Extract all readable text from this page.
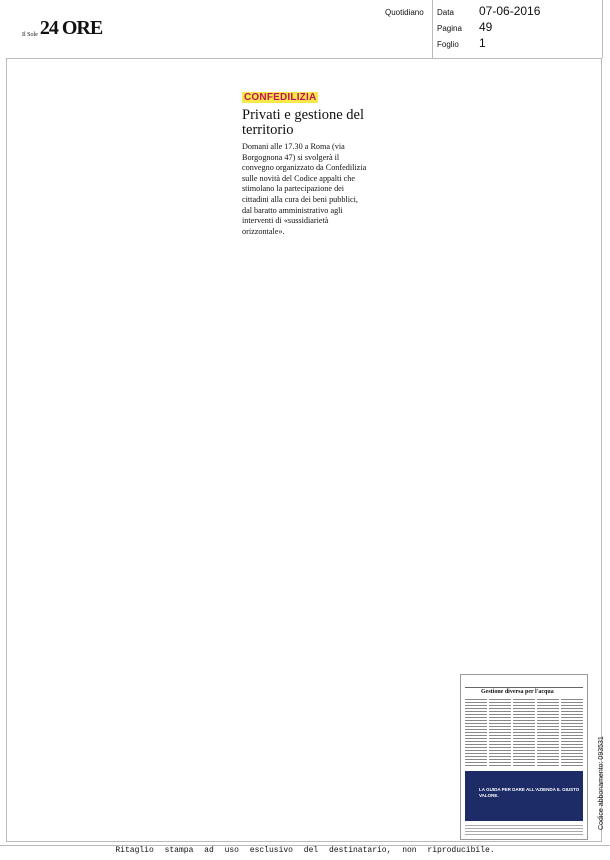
Il Sole 24 ORE
Quotidiano Data	07-06-2016
Pagina	49
Foglio	1
CONFEDILIZIA
Privati e gestione del territorio

Domani alle 17.30 a Roma (via Borgognona 47) si svolgerà il convegno organizzato da Confedilizia sulle novità del Codice appalti che stimolano la partecipazione dei cittadini alla cura dei beni pubblici, dal baratto amministrativo agli interventi di «sussidiarietà orizzontale».

Gestione diversa per l'acqua
LA GUIDA PER DARE ALL'AZIENDA IL GIUSTO VALORE.	Codice abbonamento: 093531
Ritaglio stampa ad uso esclusivo del destinatario, non riproducibile.
